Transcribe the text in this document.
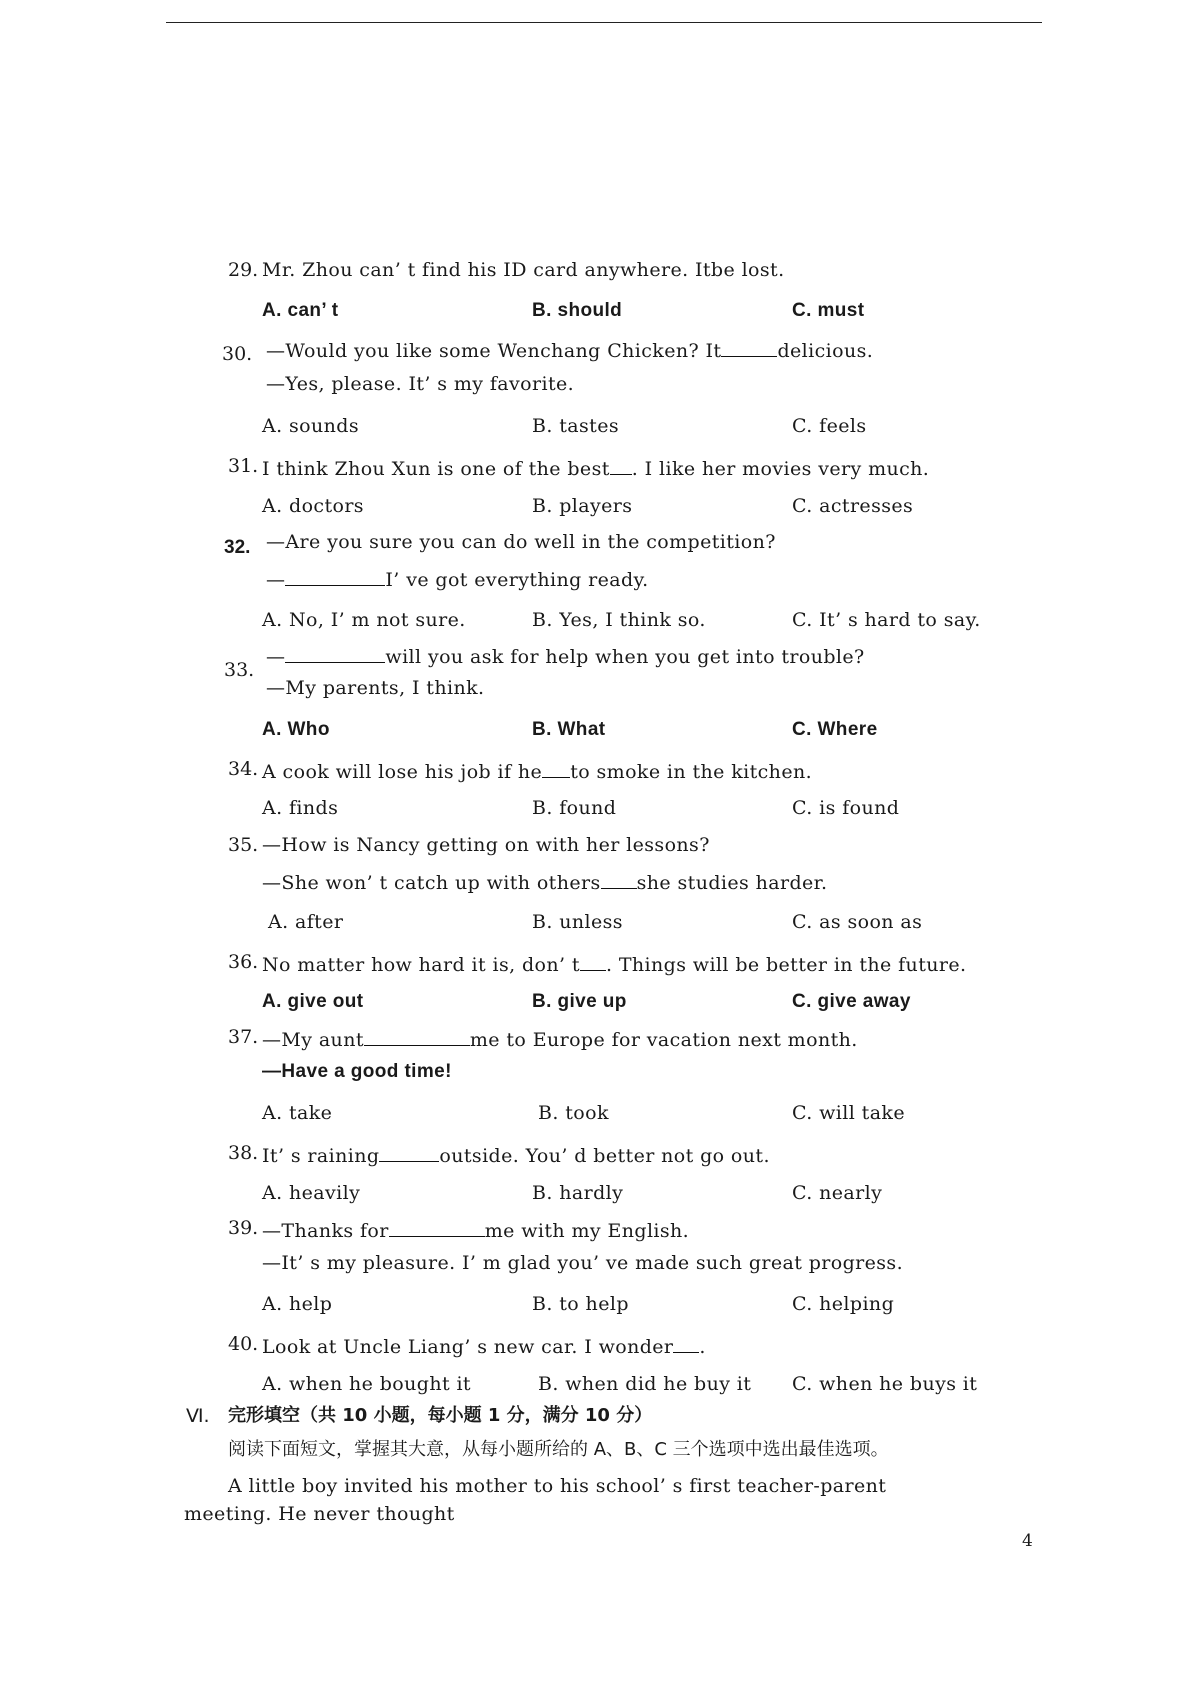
29. Mr. Zhou can’ t find his ID card anywhere. Itbe lost.
A. can’ t	B. should	C. must
30. —Would you like some Wenchang Chicken? It	delicious.
—Yes, please. It’ s my favorite.
A. sounds	B. tastes	C. feels
31. I think Zhou Xun is one of the best . I like her movies very much.
A. doctors	B. players	C. actresses
32. —Are you sure you can do well in the competition?
—	I’ ve got everything ready.
A. No, I’ m not sure.	B. Yes, I think so.	C. It’ s hard to say.
—	will you ask for help when you get into trouble?
33.
—My parents, I think.
A. Who	B. What	C. Where
34. A cook will lose his job if he to smoke in the kitchen.
A. finds	B. found	C. is found
35. —How is Nancy getting on with her lessons?
—She won’ t catch up with others she studies harder.
A. after	B. unless	C. as soon as
36. No matter how hard it is, don’ t . Things will be better in the future.
A. give out	B. give up	C. give away
37. —My aunt	me to Europe for vacation next month.
—Have a good time!
A. take	B. took	C. will take
38. It’ s raining	outside. You’ d better not go out.
A. heavily	B. hardly	C. nearly
39. —Thanks for	me with my English.
—It’ s my pleasure. I’ m glad you’ ve made such great progress.
A. help	B. to help	C. helping
40. Look at Uncle Liang’ s new car. I wonder .
A. when he bought it	B. when did he buy it C. when he buys it
Ⅵ. 完形填空（共 10 小题，每小题 1 分，满分 10 分）
阅读下面短文，掌握其大意，从每小题所给的 A、B、C 三个选项中选出最佳选项。
A little boy invited his mother to his school’ s first teacher-parent
meeting. He never thought
4
